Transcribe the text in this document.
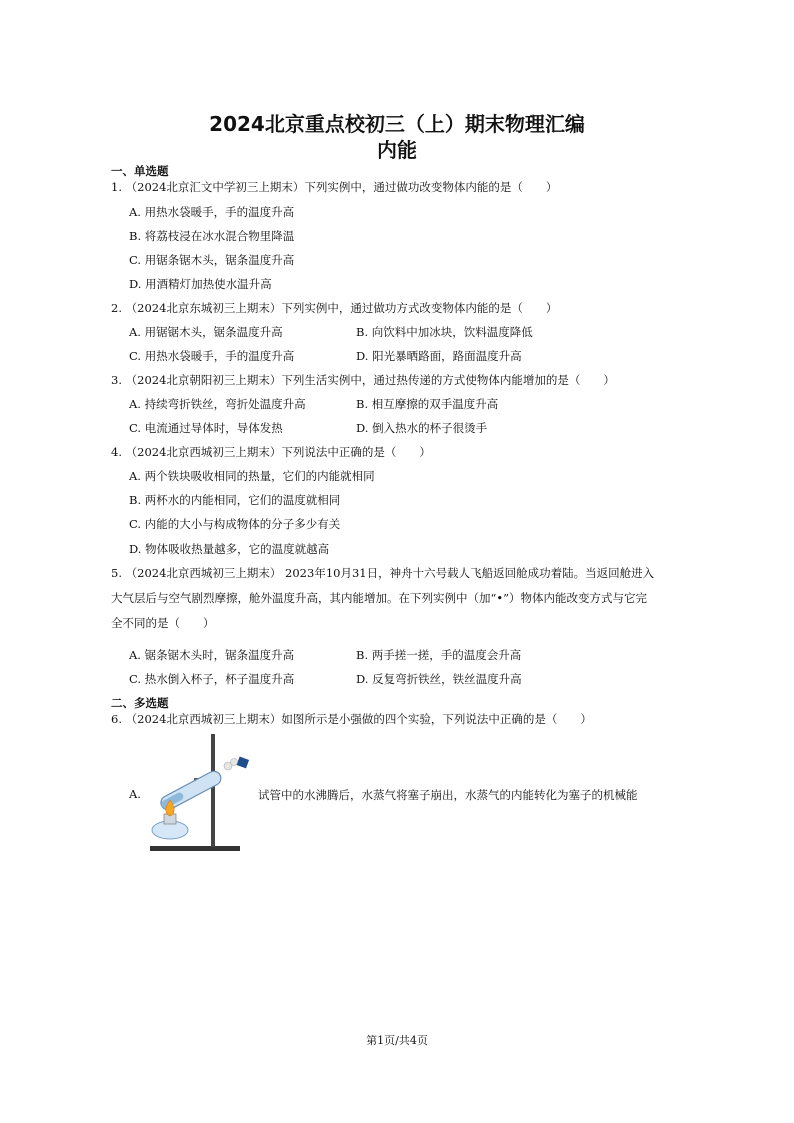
2024北京重点校初三（上）期末物理汇编
内能
一、单选题
1. （2024北京汇文中学初三上期末）下列实例中，通过做功改变物体内能的是（　　）
A. 用热水袋暖手，手的温度升高
B. 将荔枝浸在冰水混合物里降温
C. 用锯条锯木头，锯条温度升高
D. 用酒精灯加热使水温升高
2. （2024北京东城初三上期末）下列实例中，通过做功方式改变物体内能的是（　　）
A. 用锯锯木头，锯条温度升高	B. 向饮料中加冰块，饮料温度降低
C. 用热水袋暖手，手的温度升高	D. 阳光暴晒路面，路面温度升高
3. （2024北京朝阳初三上期末）下列生活实例中，通过热传递的方式使物体内能增加的是（　　）
A. 持续弯折铁丝，弯折处温度升高	B. 相互摩擦的双手温度升高
C. 电流通过导体时，导体发热	D. 倒入热水的杯子很烫手
4. （2024北京西城初三上期末）下列说法中正确的是（　　）
A. 两个铁块吸收相同的热量，它们的内能就相同
B. 两杯水的内能相同，它们的温度就相同
C. 内能的大小与构成物体的分子多少有关
D. 物体吸收热量越多，它的温度就越高
5. （2024北京西城初三上期末） 2023年10月31日，神舟十六号载人飞船返回舱成功着陆。当返回舱进入
大气层后与空气剧烈摩擦，舱外温度升高，其内能增加。在下列实例中（加“•”）物体内能改变方式与它完
全不同的是（　　）
A. 锯条锯木头时，锯条温度升高	B. 两手搓一搓，手的温度会升高
C. 热水倒入杯子，杯子温度升高	D. 反复弯折铁丝，铁丝温度升高
二、多选题
6. （2024北京西城初三上期末）如图所示是小强做的四个实验，下列说法中正确的是（　　）
A.	试管中的水沸腾后，水蒸气将塞子崩出，水蒸气的内能转化为塞子的机械能
第1页/共4页
